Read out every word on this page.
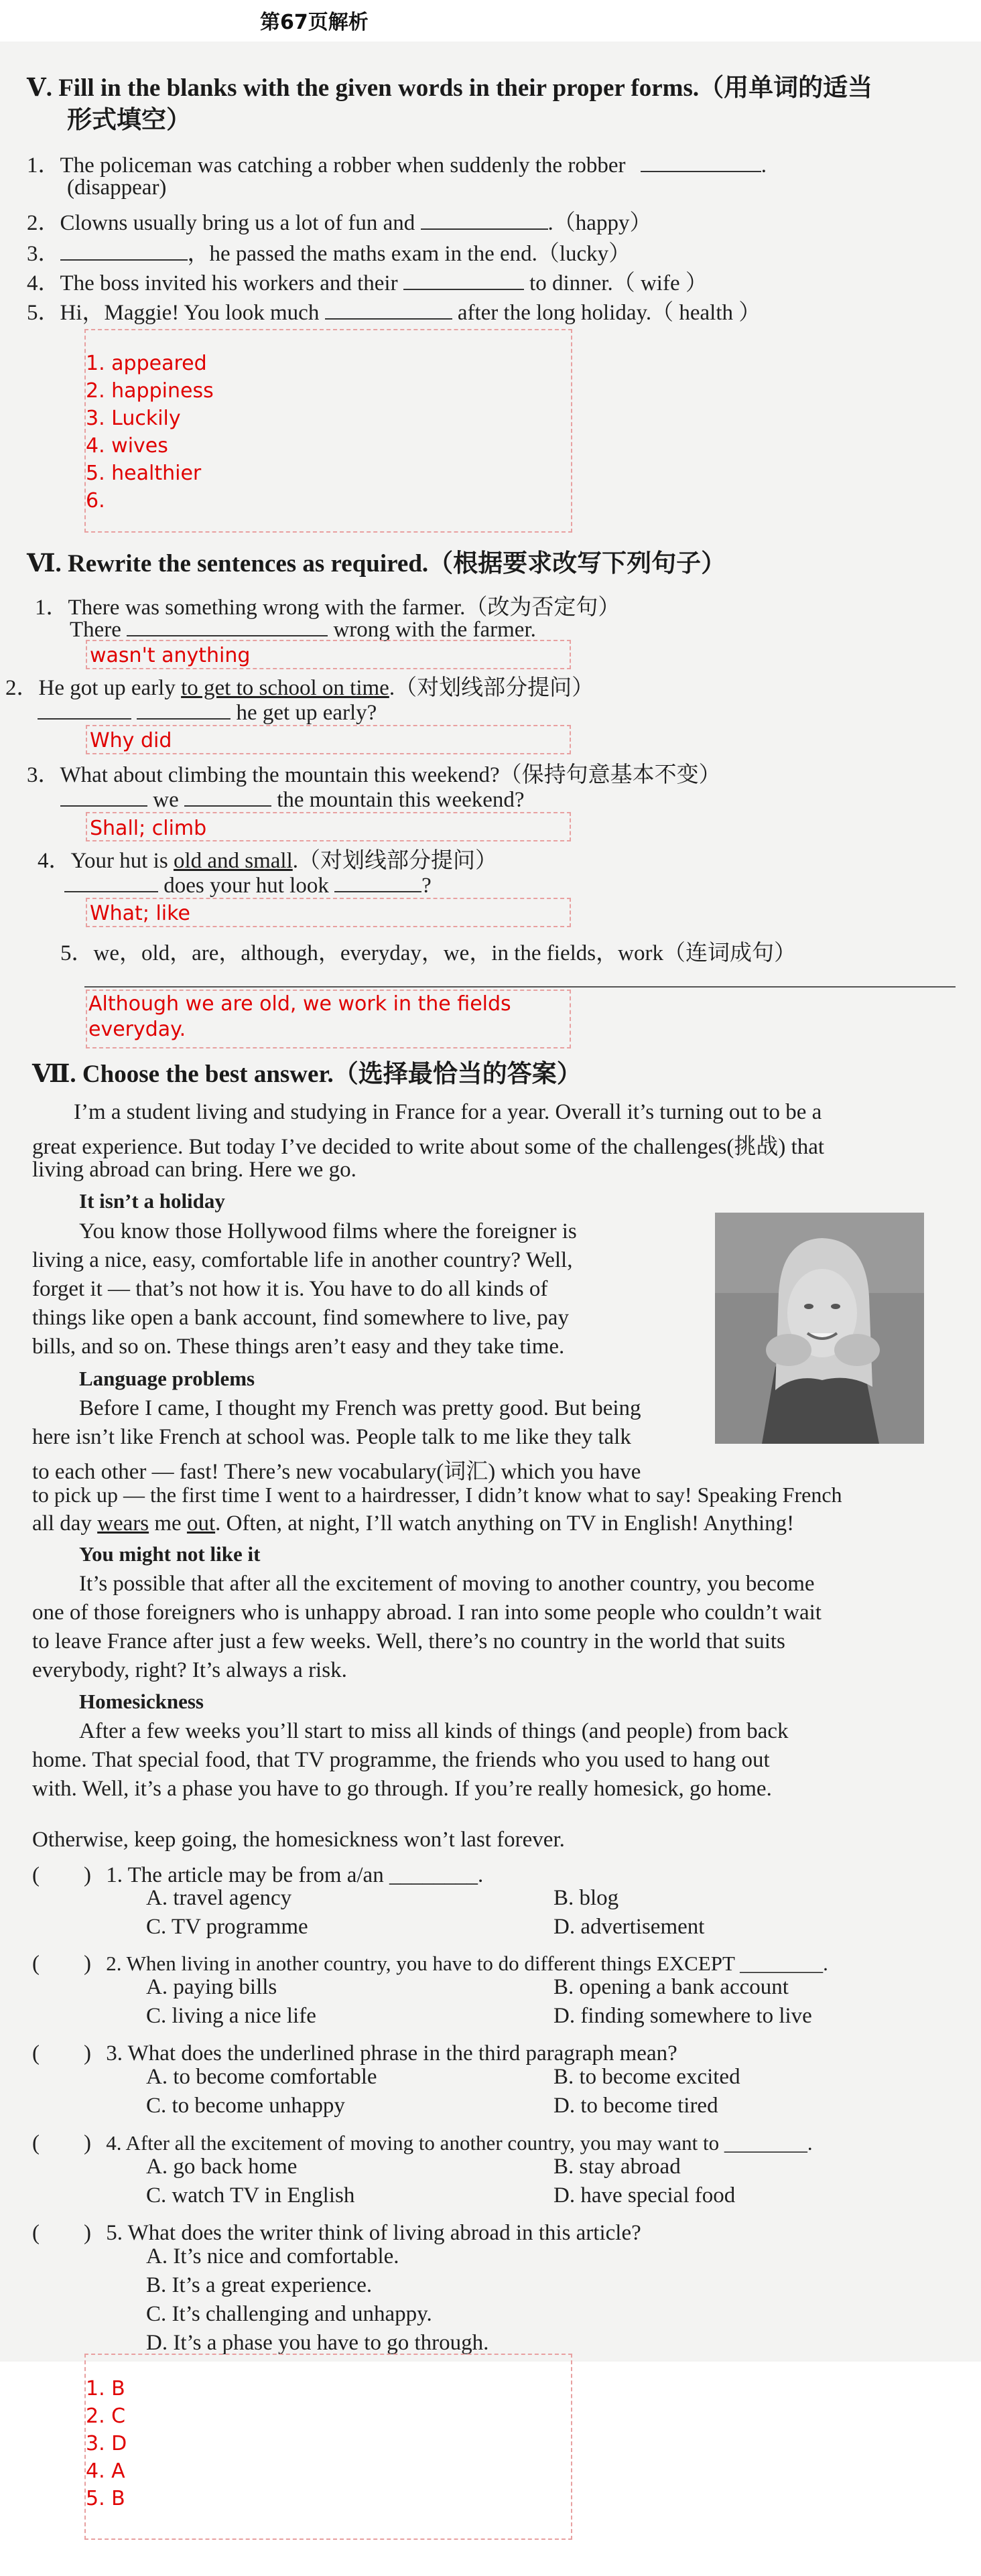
第67页解析
Ⅴ. Fill in the blanks with the given words in their proper forms.（用单词的适当
形式填空）
1．The policeman was catching a robber when suddenly the robber	.
(disappear)
2．Clowns usually bring us a lot of fun and	.（happy）
3．	，he passed the maths exam in the end.（lucky）
4．The boss invited his workers and their	to dinner.（ wife ）
5．Hi，Maggie! You look much	after the long holiday.（ health ）
1. appeared
2. happiness
3. Luckily
4. wives
5. healthier
6.
Ⅵ. Rewrite the sentences as required.（根据要求改写下列句子）
1．There was something wrong with the farmer.（改为否定句）
There	wrong with the farmer.
wasn't anything
2．He got up early to get to school on time.（对划线部分提问）
he get up early?
Why did
3．What about climbing the mountain this weekend?（保持句意基本不变）
we	the mountain this weekend?
Shall; climb
4．Your hut is old and small.（对划线部分提问）
does your hut look	?
What; like
5．we，old，are，although，everyday，we，in the fields，work（连词成句）
Although we are old, we work in the fields
everyday.
Ⅶ. Choose the best answer.（选择最恰当的答案）
I’m a student living and studying in France for a year. Overall it’s turning out to be a
great experience. But today I’ve decided to write about some of the challenges(挑战) that
living abroad can bring. Here we go.
It isn’t a holiday
You know those Hollywood films where the foreigner is
living a nice, easy, comfortable life in another country? Well,
forget it — that’s not how it is. You have to do all kinds of
things like open a bank account, find somewhere to live, pay
bills, and so on. These things aren’t easy and they take time.
Language problems
Before I came, I thought my French was pretty good. But being
here isn’t like French at school was. People talk to me like they talk
to each other — fast! There’s new vocabulary(词汇) which you have
to pick up — the first time I went to a hairdresser, I didn’t know what to say! Speaking French
all day wears me out. Often, at night, I’ll watch anything on TV in English! Anything!
You might not like it
It’s possible that after all the excitement of moving to another country, you become
one of those foreigners who is unhappy abroad. I ran into some people who couldn’t wait
to leave France after just a few weeks. Well, there’s no country in the world that suits
everybody, right? It’s always a risk.
Homesickness
After a few weeks you’ll start to miss all kinds of things (and people) from back
home. That special food, that TV programme, the friends who you used to hang out
with. Well, it’s a phase you have to go through. If you’re really homesick, go home.
Otherwise, keep going, the homesickness won’t last forever.
(　　) 1. The article may be from a/an ________.
A. travel agency	B. blog
C. TV programme	D. advertisement
(　　) 2. When living in another country, you have to do different things EXCEPT ________.
A. paying bills	B. opening a bank account
C. living a nice life	D. finding somewhere to live
(　　) 3. What does the underlined phrase in the third paragraph mean?
A. to become comfortable	B. to become excited
C. to become unhappy	D. to become tired
(　　) 4. After all the excitement of moving to another country, you may want to ________.
A. go back home	B. stay abroad
C. watch TV in English	D. have special food
(　　) 5. What does the writer think of living abroad in this article?
A. It’s nice and comfortable.
B. It’s a great experience.
C. It’s challenging and unhappy.
D. It’s a phase you have to go through.
1. B
2. C
3. D
4. A
5. B
